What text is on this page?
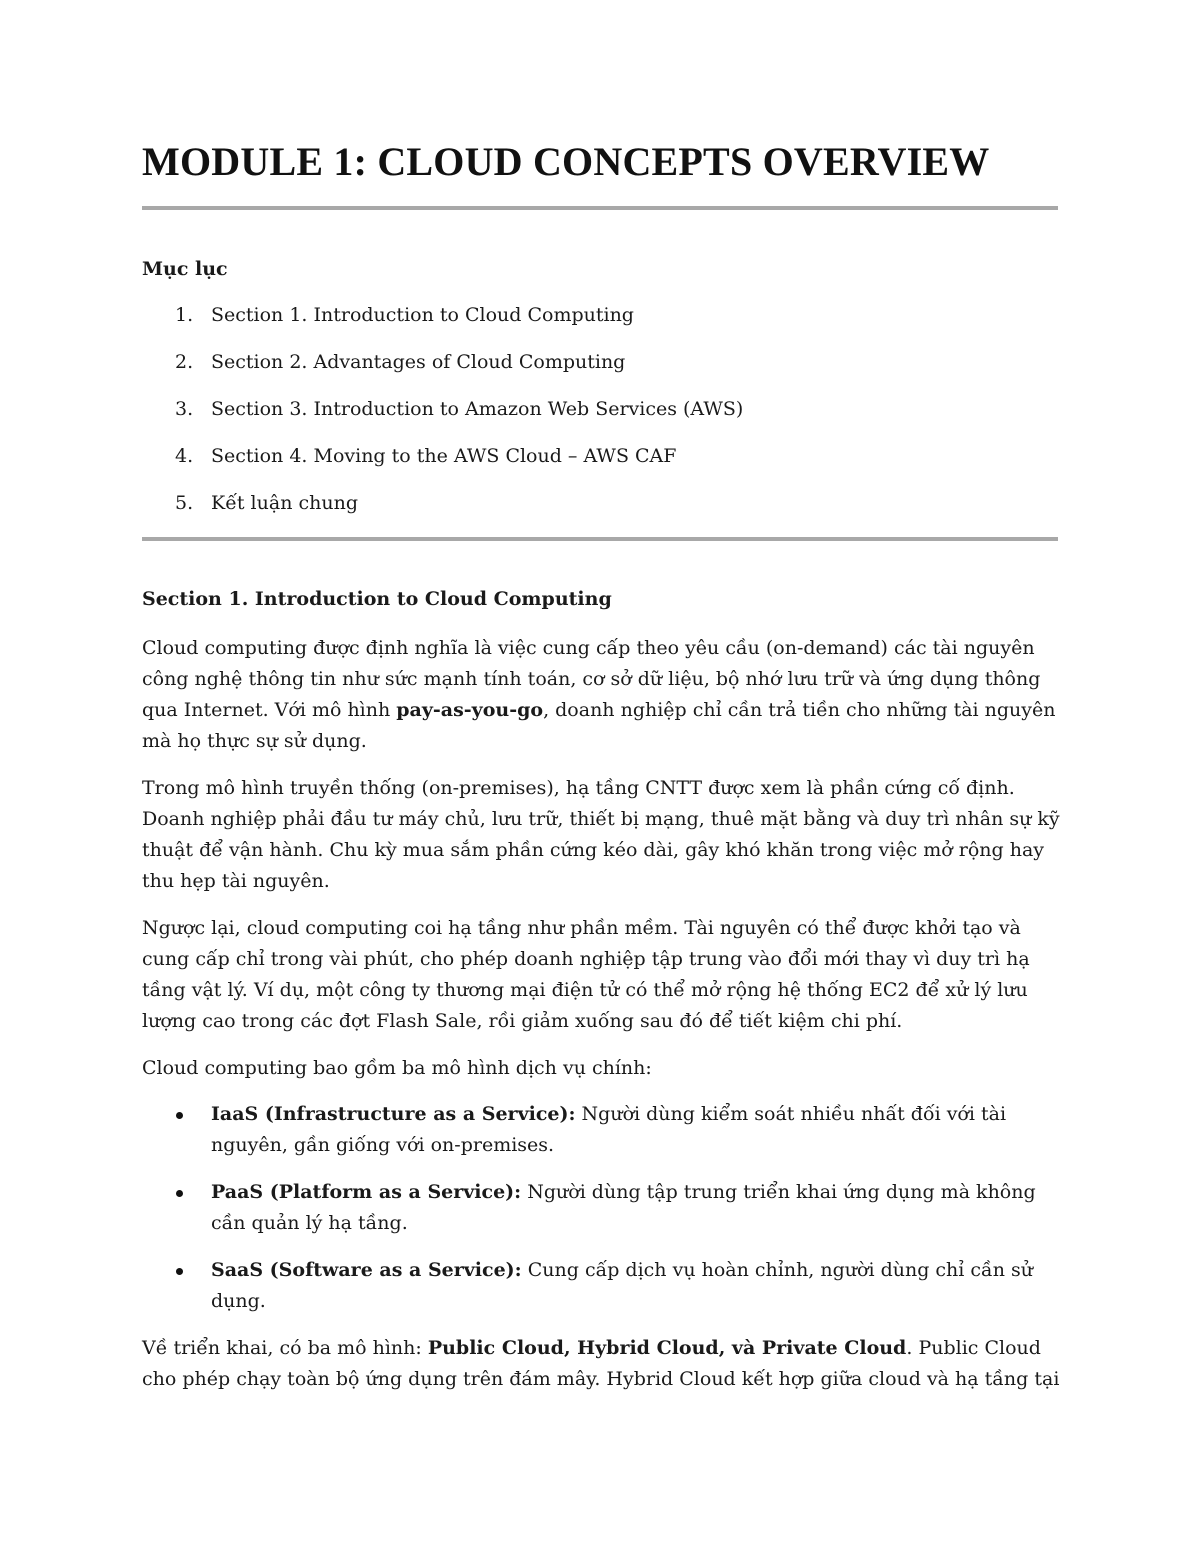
MODULE 1: CLOUD CONCEPTS OVERVIEW
Mục lục
1. Section 1. Introduction to Cloud Computing
2. Section 2. Advantages of Cloud Computing
3. Section 3. Introduction to Amazon Web Services (AWS)
4. Section 4. Moving to the AWS Cloud – AWS CAF
5. Kết luận chung
Section 1. Introduction to Cloud Computing

Cloud computing được định nghĩa là việc cung cấp theo yêu cầu (on-demand) các tài nguyên công nghệ thông tin như sức mạnh tính toán, cơ sở dữ liệu, bộ nhớ lưu trữ và ứng dụng thông qua Internet. Với mô hình pay-as-you-go, doanh nghiệp chỉ cần trả tiền cho những tài nguyên mà họ thực sự sử dụng.

Trong mô hình truyền thống (on-premises), hạ tầng CNTT được xem là phần cứng cố định. Doanh nghiệp phải đầu tư máy chủ, lưu trữ, thiết bị mạng, thuê mặt bằng và duy trì nhân sự kỹ thuật để vận hành. Chu kỳ mua sắm phần cứng kéo dài, gây khó khăn trong việc mở rộng hay thu hẹp tài nguyên.

Ngược lại, cloud computing coi hạ tầng như phần mềm. Tài nguyên có thể được khởi tạo và cung cấp chỉ trong vài phút, cho phép doanh nghiệp tập trung vào đổi mới thay vì duy trì hạ tầng vật lý. Ví dụ, một công ty thương mại điện tử có thể mở rộng hệ thống EC2 để xử lý lưu lượng cao trong các đợt Flash Sale, rồi giảm xuống sau đó để tiết kiệm chi phí.

Cloud computing bao gồm ba mô hình dịch vụ chính:

IaaS (Infrastructure as a Service): Người dùng kiểm soát nhiều nhất đối với tài nguyên, gần giống với on-premises.
PaaS (Platform as a Service): Người dùng tập trung triển khai ứng dụng mà không cần quản lý hạ tầng.
SaaS (Software as a Service): Cung cấp dịch vụ hoàn chỉnh, người dùng chỉ cần sử dụng.

Về triển khai, có ba mô hình: Public Cloud, Hybrid Cloud, và Private Cloud. Public Cloud cho phép chạy toàn bộ ứng dụng trên đám mây. Hybrid Cloud kết hợp giữa cloud và hạ tầng tại
